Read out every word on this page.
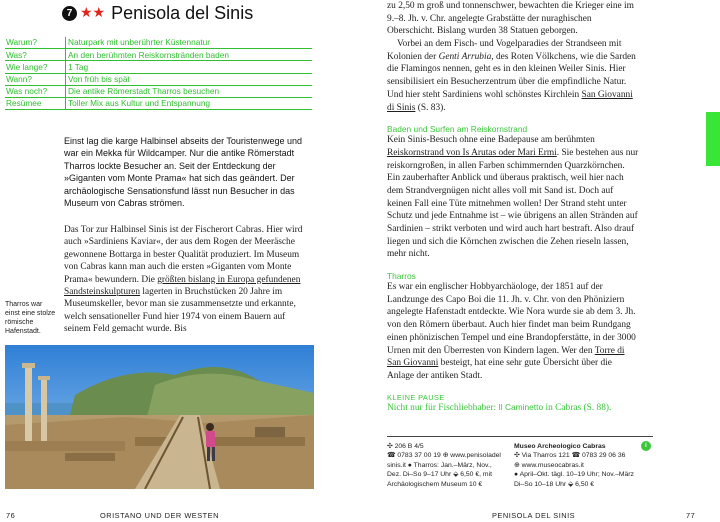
7 ★★ Penisola del Sinis
Warum?	Naturpark mit unberührter Küstennatur
Was?	An den berühmten Reiskornstränden baden
Wie lange?	1 Tag
Wann?	Von früh bis spät
Was noch?	Die antike Römerstadt Tharros besuchen
Resümee	Toller Mix aus Kultur und Entspannung

Einst lag die karge Halbinsel abseits der Touristenwege und war ein Mekka für Wildcamper. Nur die antike Römerstadt Tharros lockte Besucher an. Seit der Entdeckung der »Giganten vom Monte Prama« hat sich das geändert. Der archäologische Sensationsfund lässt nun Besucher in das Museum von Cabras strömen.

Das Tor zur Halbinsel Sinis ist der Fischerort Cabras. Hier wird auch »Sardiniens Kaviar«, der aus dem Rogen der Meeräsche gewonnene Bottarga in bester Qualität produziert. Im Museum von Cabras kann man auch die ersten »Giganten vom Monte Prama« bewundern. Die größten bislang in Europa gefundenen Sandsteinskulpturen lagerten in Bruchstücken 20 Jahre im Museumskeller, bevor man sie zusammensetzte und erkannte, welch sensationeller Fund hier 1974 von einem Bauern auf seinem Feld gemacht wurde. Bis

Tharros war einst eine stolze römische Hafenstadt.

zu 2,50 m groß und tonnenschwer, bewachten die Krieger eine im 9.–8. Jh. v. Chr. angelegte Grabstätte der nuraghischen Oberschicht. Bislang wurden 38 Statuen geborgen.

Vorbei an dem Fisch- und Vogelparadies der Strandseen mit Kolonien der Genti Arrubia, des Roten Völkchens, wie die Sarden die Flamingos nennen, geht es in den kleinen Weiler Sinis. Hier sensibilisiert ein Besucherzentrum über die empfindliche Natur. Und hier steht Sardiniens wohl schönstes Kirchlein San Giovanni di Sinis (S. 83).

Baden und Surfen am Reiskornstrand

Kein Sinis-Besuch ohne eine Badepause am berühmten Reiskornstrand von Is Arutas oder Mari Ermi. Sie bestehen aus nur reiskorngroßen, in allen Farben schimmernden Quarzkörnchen. Ein zauberhafter Anblick und überaus praktisch, weil hier nach dem Strandvergnügen nicht alles voll mit Sand ist. Doch auf keinen Fall eine Tüte mitnehmen wollen! Der Strand steht unter Schutz und jede Entnahme ist – wie übrigens an allen Stränden auf Sardinien – strikt verboten und wird auch hart bestraft. Also drauf liegen und sich die Körnchen zwischen die Zehen rieseln lassen, mehr nicht.

Tharros

Es war ein englischer Hobbyarchäologe, der 1851 auf der Landzunge des Capo Boi die 11. Jh. v. Chr. von den Phöniziern angelegte Hafenstadt entdeckte. Wie Nora wurde sie ab dem 3. Jh. von den Römern überbaut. Auch hier findet man beim Rundgang einen phönizischen Tempel und eine Brandopferstätte, in der 3000 Urnen mit den Überresten von Kindern lagen. Wer den Torre di San Giovanni besteigt, hat eine sehr gute Übersicht über die Anlage der antiken Stadt.

KLEINE PAUSE

Nicht nur für Fischliebhaber: Il Caminetto in Cabras (S. 88).

✣ 206 B 4/5
☎ 0783 37 00 19 ⊕ www.penisoladel
sinis.it ● Tharros: Jan.–März, Nov.,
Dez. Di–So 9–17 Uhr ⬙ 6,50 €, mit
Archäologischem Museum 10 €
Museo Archeologico Cabras
✣ Via Tharros 121 ☎ 0783 29 06 36
⊕ www.museocabras.it
● April–Okt. tägl. 10–19 Uhr; Nov.–März
Di–So 10–18 Uhr ⬙ 6,50 €
i
76	ORISTANO UND DER WESTEN	PENISOLA DEL SINIS	77
